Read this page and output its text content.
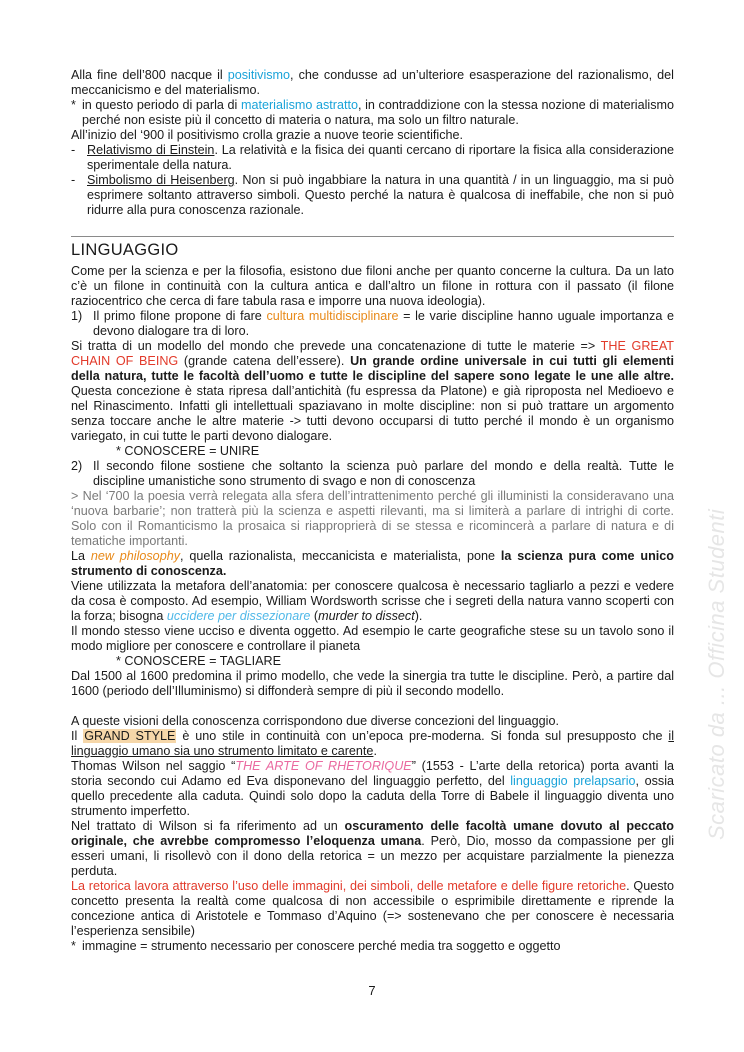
Alla fine dell’800 nacque il positivismo, che condusse ad un’ulteriore esasperazione del razionalismo, del meccanicismo e del materialismo.

* in questo periodo di parla di materialismo astratto, in contraddizione con la stessa nozione di materialismo perché non esiste più il concetto di materia o natura, ma solo un filtro naturale.

All’inizio del ‘900 il positivismo crolla grazie a nuove teorie scientifiche.

- Relativismo di Einstein. La relatività e la fisica dei quanti cercano di riportare la fisica alla considerazione sperimentale della natura.
- Simbolismo di Heisenberg. Non si può ingabbiare la natura in una quantità / in un linguaggio, ma si può esprimere soltanto attraverso simboli. Questo perché la natura è qualcosa di ineffabile, che non si può ridurre alla pura conoscenza razionale.
LINGUAGGIO

Come per la scienza e per la filosofia, esistono due filoni anche per quanto concerne la cultura. Da un lato c’è un filone in continuità con la cultura antica e dall’altro un filone in rottura con il passato (il filone raziocentrico che cerca di fare tabula rasa e imporre una nuova ideologia).

1) Il primo filone propone di fare cultura multidisciplinare = le varie discipline hanno uguale importanza e devono dialogare tra di loro.

Si tratta di un modello del mondo che prevede una concatenazione di tutte le materie => THE GREAT CHAIN OF BEING (grande catena dell’essere). Un grande ordine universale in cui tutti gli elementi della natura, tutte le facoltà dell’uomo e tutte le discipline del sapere sono legate le une alle altre. Questa concezione è stata ripresa dall’antichità (fu espressa da Platone) e già riproposta nel Medioevo e nel Rinascimento. Infatti gli intellettuali spaziavano in molte discipline: non si può trattare un argomento senza toccare anche le altre materie -> tutti devono occuparsi di tutto perché il mondo è un organismo variegato, in cui tutte le parti devono dialogare.

* CONOSCERE = UNIRE

2) Il secondo filone sostiene che soltanto la scienza può parlare del mondo e della realtà. Tutte le discipline umanistiche sono strumento di svago e non di conoscenza

> Nel ‘700 la poesia verrà relegata alla sfera dell’intrattenimento perché gli illuministi la consideravano una ‘nuova barbarie’; non tratterà più la scienza e aspetti rilevanti, ma si limiterà a parlare di intrighi di corte. Solo con il Romanticismo la prosaica si riapproprierà di se stessa e ricomincerà a parlare di natura e di tematiche importanti.

La new philosophy, quella razionalista, meccanicista e materialista, pone la scienza pura come unico strumento di conoscenza.

Viene utilizzata la metafora dell’anatomia: per conoscere qualcosa è necessario tagliarlo a pezzi e vedere da cosa è composto. Ad esempio, William Wordsworth scrisse che i segreti della natura vanno scoperti con la forza; bisogna uccidere per dissezionare (murder to dissect).

Il mondo stesso viene ucciso e diventa oggetto. Ad esempio le carte geografiche stese su un tavolo sono il modo migliore per conoscere e controllare il pianeta

* CONOSCERE = TAGLIARE

Dal 1500 al 1600 predomina il primo modello, che vede la sinergia tra tutte le discipline. Però, a partire dal 1600 (periodo dell’Illuminismo) si diffonderà sempre di più il secondo modello.

A queste visioni della conoscenza corrispondono due diverse concezioni del linguaggio.

Il GRAND STYLE è uno stile in continuità con un’epoca pre-moderna. Si fonda sul presupposto che il linguaggio umano sia uno strumento limitato e carente.

Thomas Wilson nel saggio “THE ARTE OF RHETORIQUE” (1553 - L’arte della retorica) porta avanti la storia secondo cui Adamo ed Eva disponevano del linguaggio perfetto, del linguaggio prelapsario, ossia quello precedente alla caduta. Quindi solo dopo la caduta della Torre di Babele il linguaggio diventa uno strumento imperfetto.

Nel trattato di Wilson si fa riferimento ad un oscuramento delle facoltà umane dovuto al peccato originale, che avrebbe compromesso l’eloquenza umana. Però, Dio, mosso da compassione per gli esseri umani, li risollevò con il dono della retorica = un mezzo per acquistare parzialmente la pienezza perduta.

La retorica lavora attraverso l’uso delle immagini, dei simboli, delle metafore e delle figure retoriche. Questo concetto presenta la realtà come qualcosa di non accessibile o esprimibile direttamente e riprende la concezione antica di Aristotele e Tommaso d’Aquino (=> sostenevano che per conoscere è necessaria l’esperienza sensibile)

* immagine = strumento necessario per conoscere perché media tra soggetto e oggetto
Scaricato da ... Officina Studenti
7
